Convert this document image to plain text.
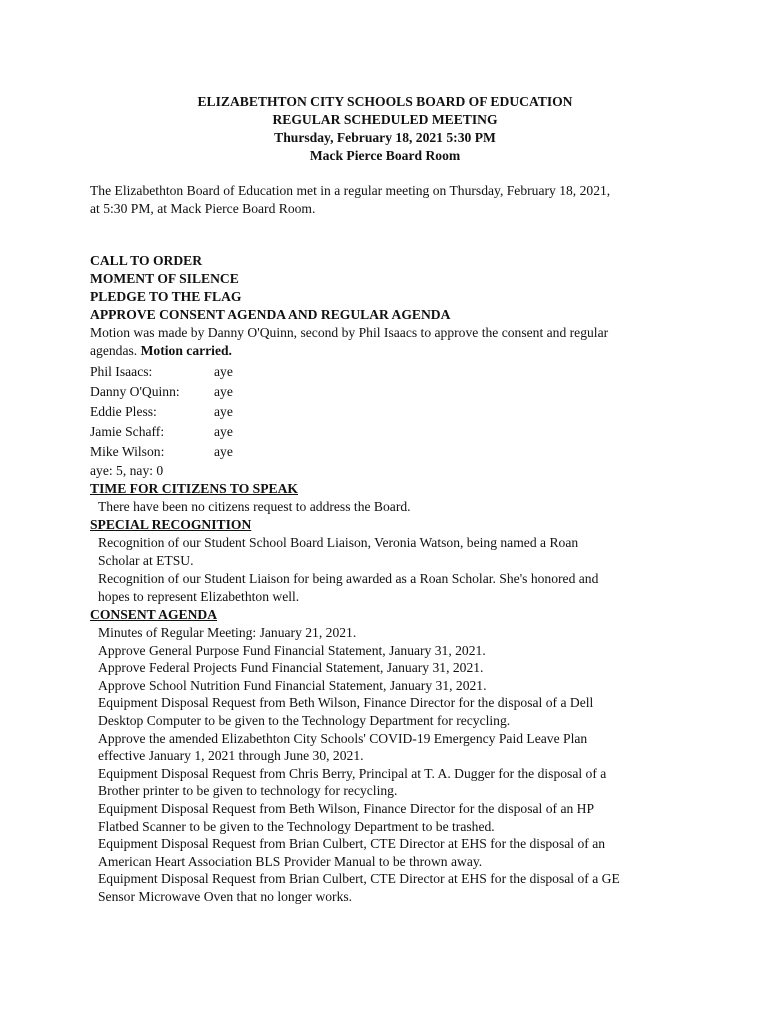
ELIZABETHTON CITY SCHOOLS BOARD OF EDUCATION
REGULAR SCHEDULED MEETING
Thursday, February 18, 2021 5:30 PM
Mack Pierce Board Room
The Elizabethton Board of Education met in a regular meeting on Thursday, February 18, 2021,
at 5:30 PM, at Mack Pierce Board Room.
CALL TO ORDER
MOMENT OF SILENCE
PLEDGE TO THE FLAG
APPROVE CONSENT AGENDA AND REGULAR AGENDA
Motion was made by Danny O'Quinn, second by Phil Isaacs to approve the consent and regular
agendas. Motion carried.
Phil Isaacs:	aye
Danny O'Quinn:	aye
Eddie Pless:	aye
Jamie Schaff:	aye
Mike Wilson:	aye
aye: 5, nay: 0
TIME FOR CITIZENS TO SPEAK
There have been no citizens request to address the Board.
SPECIAL RECOGNITION
Recognition of our Student School Board Liaison, Veronia Watson, being named a Roan
Scholar at ETSU.
Recognition of our Student Liaison for being awarded as a Roan Scholar. She's honored and
hopes to represent Elizabethton well.
CONSENT AGENDA
Minutes of Regular Meeting: January 21, 2021.
Approve General Purpose Fund Financial Statement, January 31, 2021.
Approve Federal Projects Fund Financial Statement, January 31, 2021.
Approve School Nutrition Fund Financial Statement, January 31, 2021.
Equipment Disposal Request from Beth Wilson, Finance Director for the disposal of a Dell
Desktop Computer to be given to the Technology Department for recycling.
Approve the amended Elizabethton City Schools' COVID-19 Emergency Paid Leave Plan
effective January 1, 2021 through June 30, 2021.
Equipment Disposal Request from Chris Berry, Principal at T. A. Dugger for the disposal of a
Brother printer to be given to technology for recycling.
Equipment Disposal Request from Beth Wilson, Finance Director for the disposal of an HP
Flatbed Scanner to be given to the Technology Department to be trashed.
Equipment Disposal Request from Brian Culbert, CTE Director at EHS for the disposal of an
American Heart Association BLS Provider Manual to be thrown away.
Equipment Disposal Request from Brian Culbert, CTE Director at EHS for the disposal of a GE
Sensor Microwave Oven that no longer works.
